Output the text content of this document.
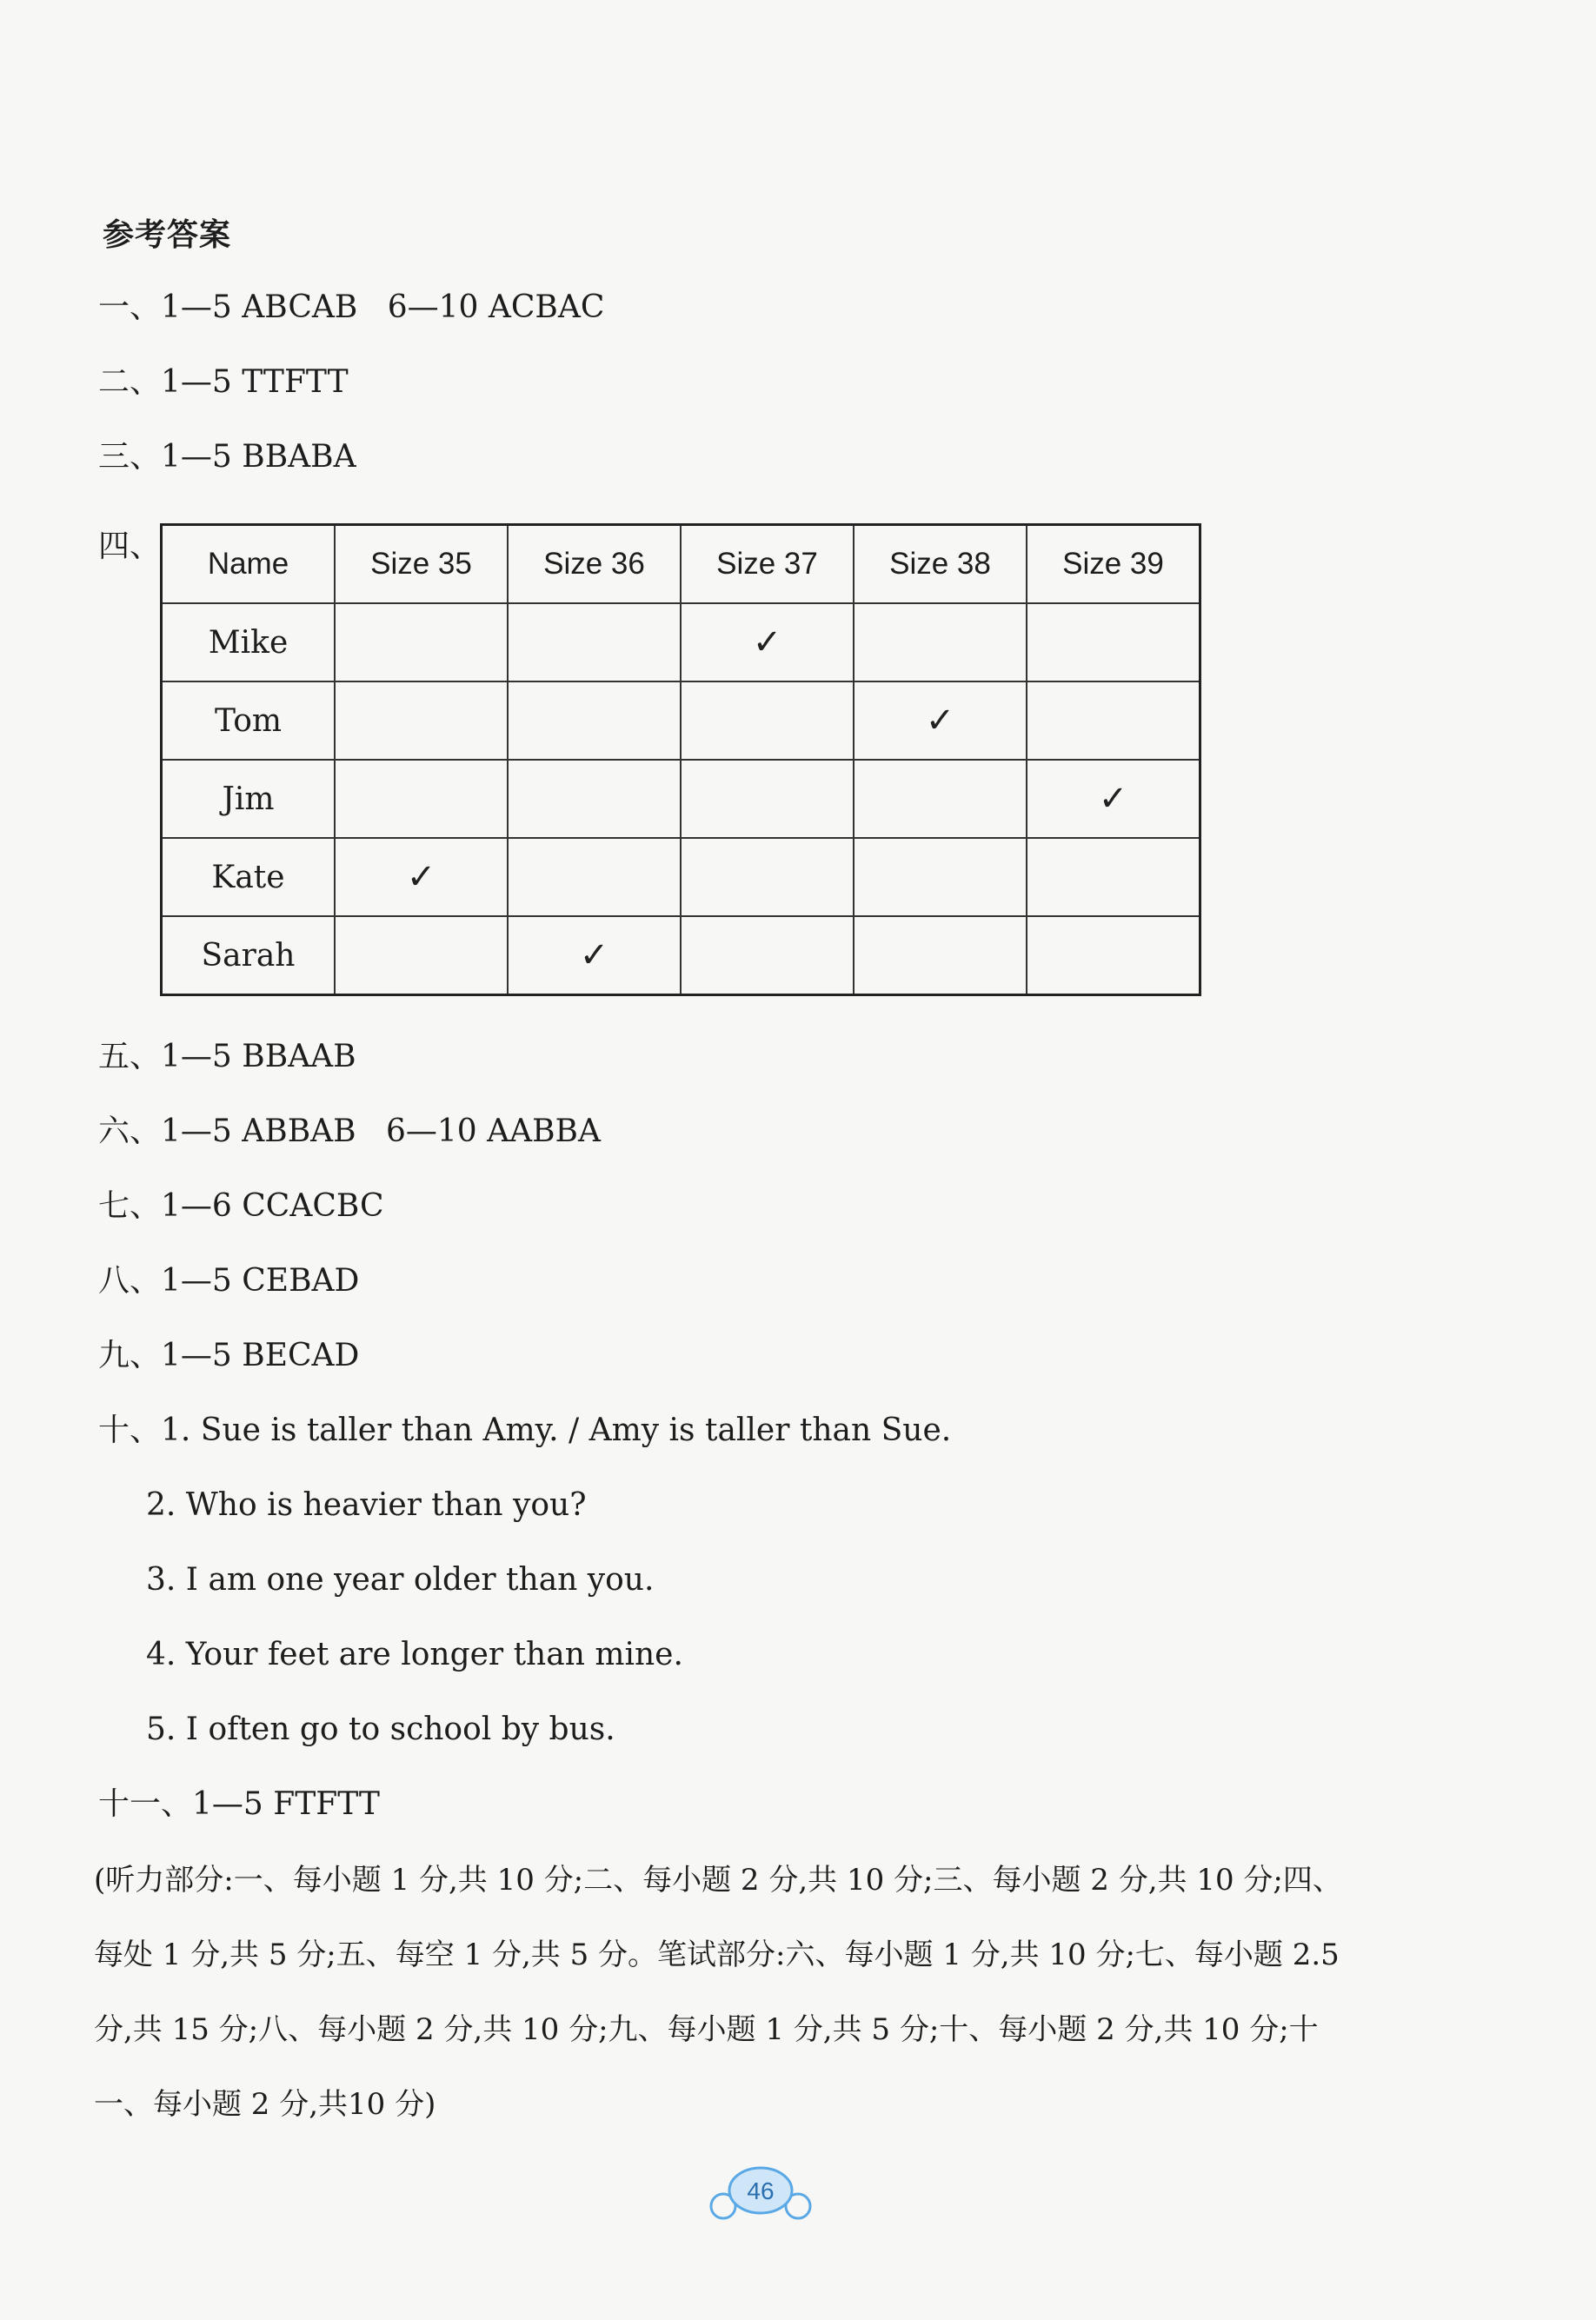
参考答案
一、1—5 ABCAB   6—10 ACBAC
二、1—5 TTFTT
三、1—5 BBABA
四、 Name	Size 35	Size 36	Size 37	Size 38	Size 39
Mike			✓		
Tom				✓	
Jim					✓
Kate	✓				
Sarah		✓			
五、1—5 BBAAB
六、1—5 ABBAB   6—10 AABBA
七、1—6 CCACBC
八、1—5 CEBAD
九、1—5 BECAD
十、1. Sue is taller than Amy. / Amy is taller than Sue.
2. Who is heavier than you?
3. I am one year older than you.
4. Your feet are longer than mine.
5. I often go to school by bus.
十一、1—5 FTFTT
(听力部分:一、每小题 1 分,共 10 分;二、每小题 2 分,共 10 分;三、每小题 2 分,共 10 分;四、
每处 1 分,共 5 分;五、每空 1 分,共 5 分。笔试部分:六、每小题 1 分,共 10 分;七、每小题 2.5
分,共 15 分;八、每小题 2 分,共 10 分;九、每小题 1 分,共 5 分;十、每小题 2 分,共 10 分;十
一、每小题 2 分,共10 分)
46
